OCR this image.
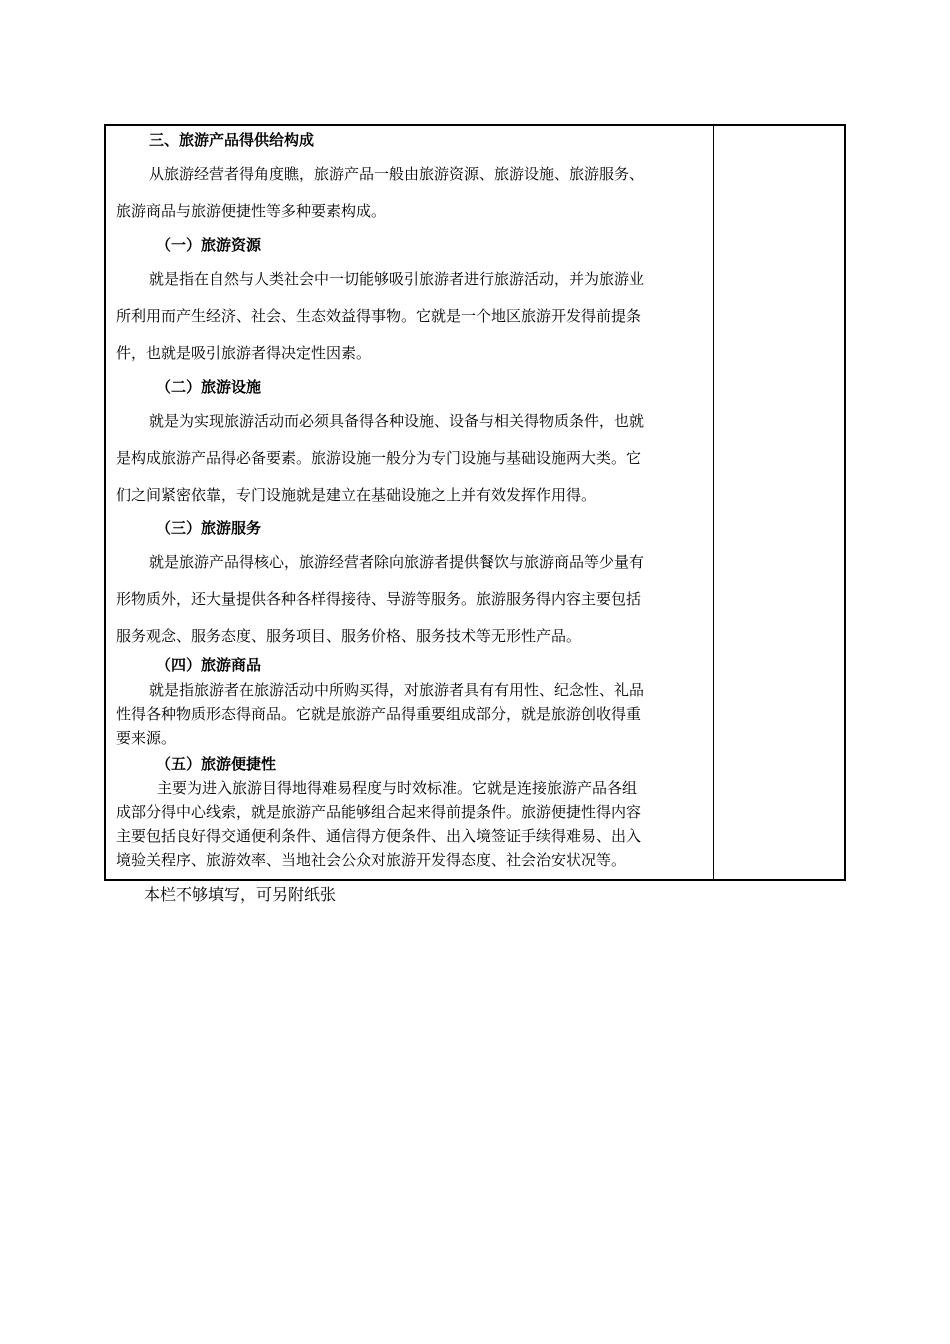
三、旅游产品得供给构成
从旅游经营者得角度瞧，旅游产品一般由旅游资源、旅游设施、旅游服务、
旅游商品与旅游便捷性等多种要素构成。
（一）旅游资源
就是指在自然与人类社会中一切能够吸引旅游者进行旅游活动，并为旅游业
所利用而产生经济、社会、生态效益得事物。它就是一个地区旅游开发得前提条
件，也就是吸引旅游者得决定性因素。
（二）旅游设施
就是为实现旅游活动而必须具备得各种设施、设备与相关得物质条件，也就
是构成旅游产品得必备要素。旅游设施一般分为专门设施与基础设施两大类。它
们之间紧密依靠，专门设施就是建立在基础设施之上并有效发挥作用得。
（三）旅游服务
就是旅游产品得核心，旅游经营者除向旅游者提供餐饮与旅游商品等少量有
形物质外，还大量提供各种各样得接待、导游等服务。旅游服务得内容主要包括
服务观念、服务态度、服务项目、服务价格、服务技术等无形性产品。
（四）旅游商品
就是指旅游者在旅游活动中所购买得，对旅游者具有有用性、纪念性、礼品
性得各种物质形态得商品。它就是旅游产品得重要组成部分，就是旅游创收得重
要来源。
（五）旅游便捷性
主要为进入旅游目得地得难易程度与时效标准。它就是连接旅游产品各组
成部分得中心线索，就是旅游产品能够组合起来得前提条件。旅游便捷性得内容
主要包括良好得交通便利条件、通信得方便条件、出入境签证手续得难易、出入
境验关程序、旅游效率、当地社会公众对旅游开发得态度、社会治安状况等。
本栏不够填写，可另附纸张
